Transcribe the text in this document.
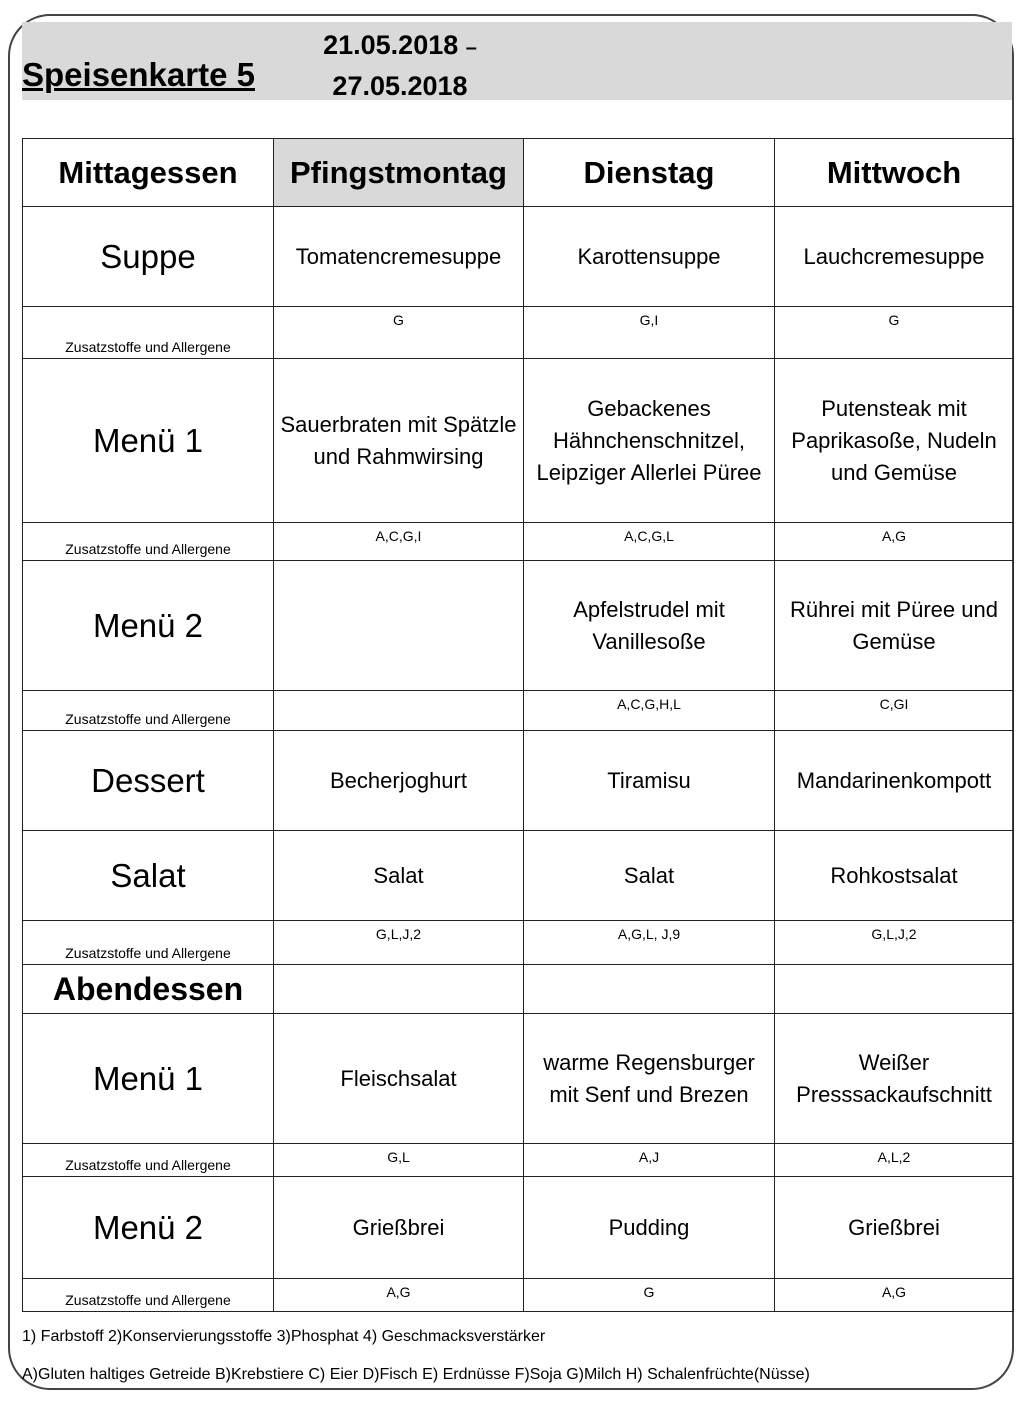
Speisenkarte 5
21.05.2018 –
27.05.2018
Mittagessen	Pfingstmontag	Dienstag	Mittwoch
Suppe	Tomatencremesuppe	Karottensuppe	Lauchcremesuppe
Zusatzstoffe und Allergene	G	G,I	G
Menü 1	Sauerbraten mit Spätzle und Rahmwirsing	Gebackenes Hähnchenschnitzel, Leipziger Allerlei Püree	Putensteak mit Paprikasoße, Nudeln und Gemüse
Zusatzstoffe und Allergene	A,C,G,I	A,C,G,L	A,G
Menü 2		Apfelstrudel mit Vanillesoße	Rührei mit Püree und Gemüse
Zusatzstoffe und Allergene		A,C,G,H,L	C,GI
Dessert	Becherjoghurt	Tiramisu	Mandarinenkompott
Salat	Salat	Salat	Rohkostsalat
Zusatzstoffe und Allergene	G,L,J,2	A,G,L, J,9	G,L,J,2
Abendessen			
Menü 1	Fleischsalat	warme Regensburger mit Senf und Brezen	Weißer Presssackaufschnitt
Zusatzstoffe und Allergene	G,L	A,J	A,L,2
Menü 2	Grießbrei	Pudding	Grießbrei
Zusatzstoffe und Allergene	A,G	G	A,G
1) Farbstoff 2)Konservierungsstoffe 3)Phosphat 4) Geschmacksverstärker
A)Gluten haltiges Getreide B)Krebstiere C) Eier D)Fisch E) Erdnüsse F)Soja G)Milch H) Schalenfrüchte(Nüsse)
